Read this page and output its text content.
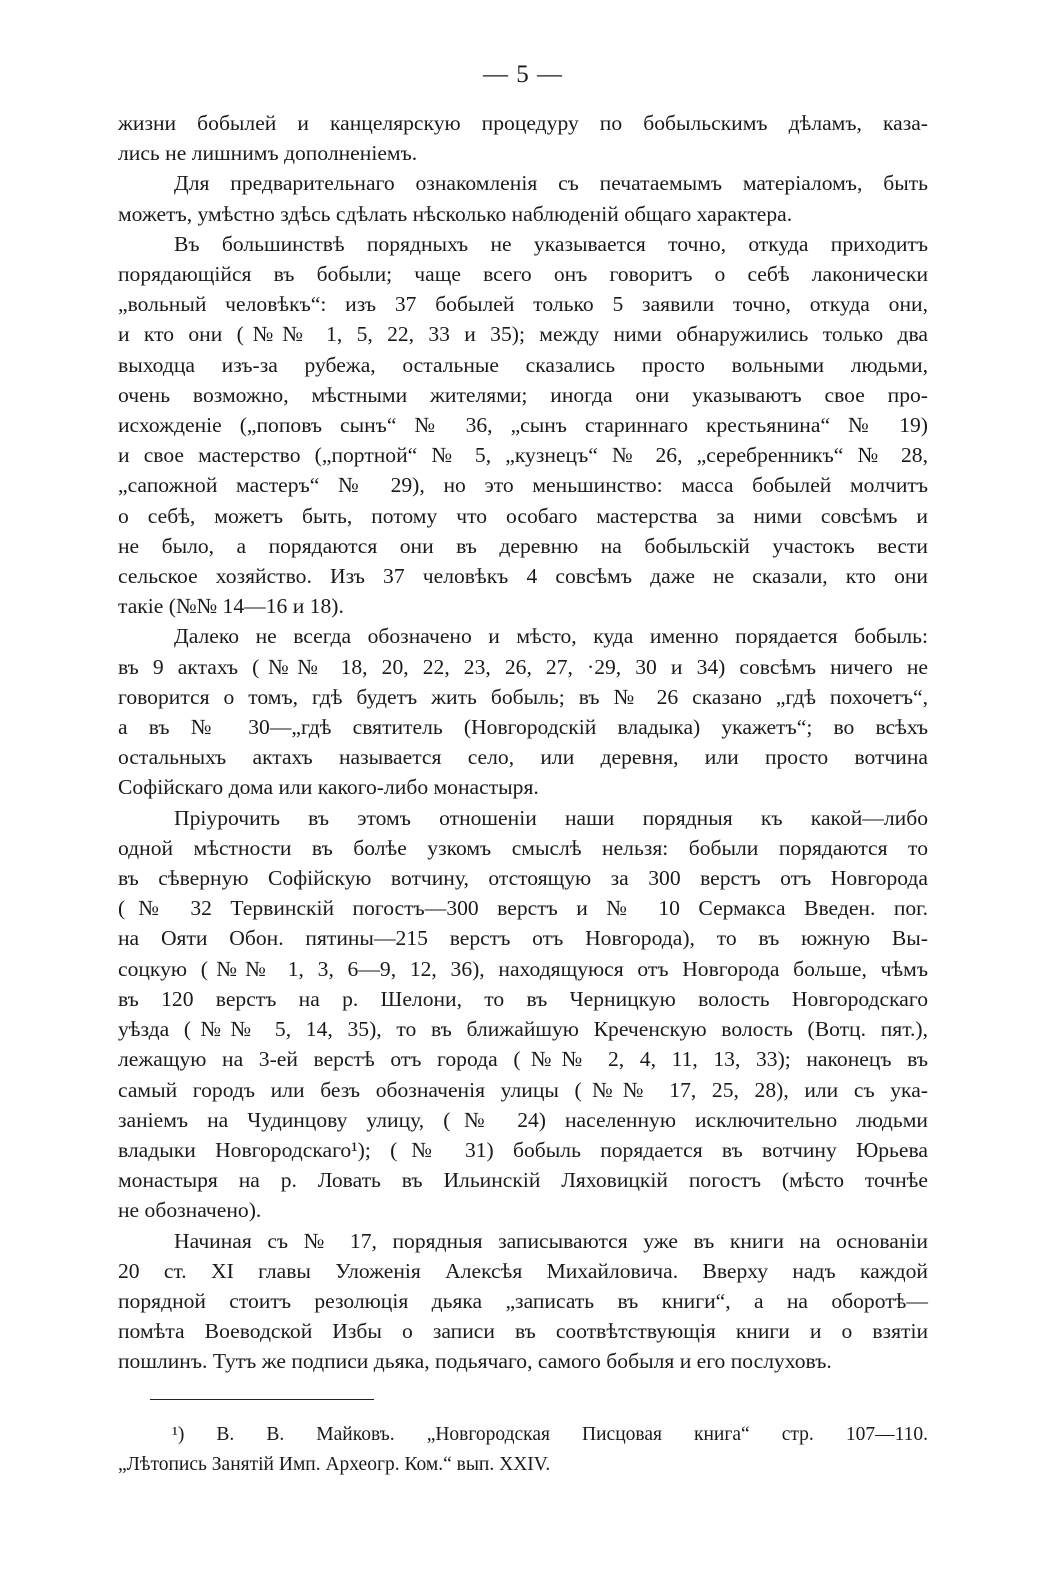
— 5 —
жизни бобылей и канцелярскую процедуру по бобыльскимъ дѣламъ, каза-
лись не лишнимъ дополненіемъ.
Для предварительнаго ознакомленія съ печатаемымъ матеріаломъ, быть
можетъ, умѣстно здѣсь сдѣлать нѣсколько наблюденій общаго характера.
Въ большинствѣ порядныхъ не указывается точно, откуда приходитъ
порядающійся въ бобыли; чаще всего онъ говоритъ о себѣ лаконически
„вольный человѣкъ“: изъ 37 бобылей только 5 заявили точно, откуда они,
и кто они (№№ 1, 5, 22, 33 и 35); между ними обнаружились только два
выходца изъ-за рубежа, остальные сказались просто вольными людьми,
очень возможно, мѣстными жителями; иногда они указываютъ свое про-
исхожденіе („поповъ сынъ“ № 36, „сынъ стариннаго крестьянина“ № 19)
и свое мастерство („портной“ № 5, „кузнецъ“ № 26, „серебренникъ“ № 28,
„сапожной мастеръ“ № 29), но это меньшинство: масса бобылей молчитъ
о себѣ, можетъ быть, потому что особаго мастерства за ними совсѣмъ и
не было, а порядаются они въ деревню на бобыльскій участокъ вести
сельское хозяйство. Изъ 37 человѣкъ 4 совсѣмъ даже не сказали, кто они
такіе (№№ 14—16 и 18).
Далеко не всегда обозначено и мѣсто, куда именно порядается бобыль:
въ 9 актахъ (№№ 18, 20, 22, 23, 26, 27, ·29, 30 и 34) совсѣмъ ничего не
говорится о томъ, гдѣ будетъ жить бобыль; въ № 26 сказано „гдѣ похочетъ“,
а въ № 30—„гдѣ святитель (Новгородскій владыка) укажетъ“; во всѣхъ
остальныхъ актахъ называется село, или деревня, или просто вотчина
Софійскаго дома или какого-либо монастыря.
Пріурочить въ этомъ отношеніи наши порядныя къ какой—либо
одной мѣстности въ болѣе узкомъ смыслѣ нельзя: бобыли порядаются то
въ сѣверную Софійскую вотчину, отстоящую за 300 верстъ отъ Новгорода
(№ 32 Тервинскій погостъ—300 верстъ и № 10 Сермакса Введен. пог.
на Ояти Обон. пятины—215 верстъ отъ Новгорода), то въ южную Вы-
соцкую (№№ 1, 3, 6—9, 12, 36), находящуюся отъ Новгорода больше, чѣмъ
въ 120 верстъ на р. Шелони, то въ Черницкую волость Новгородскаго
уѣзда (№№ 5, 14, 35), то въ ближайшую Креченскую волость (Вотц. пят.),
лежащую на 3-ей верстѣ отъ города (№№ 2, 4, 11, 13, 33); наконецъ въ
самый городъ или безъ обозначенія улицы (№№ 17, 25, 28), или съ ука-
заніемъ на Чудинцову улицу, (№ 24) населенную исключительно людьми
владыки Новгородскаго¹); (№ 31) бобыль порядается въ вотчину Юрьева
монастыря на р. Ловать въ Ильинскій Ляховицкій погостъ (мѣсто точнѣе
не обозначено).
Начиная съ № 17, порядныя записываются уже въ книги на основаніи
20 ст. XI главы Уложенія Алексѣя Михайловича. Вверху надъ каждой
порядной стоитъ резолюція дьяка „записать въ книги“, а на оборотѣ—
помѣта Воеводской Избы о записи въ соотвѣтствующія книги и о взятіи
пошлинъ. Тутъ же подписи дьяка, подьячаго, самого бобыля и его послуховъ.
¹) В. В. Майковъ. „Новгородская Писцовая книга“ стр. 107—110.
„Лѣтопись Занятій Имп. Археогр. Ком.“ вып. XXIV.
